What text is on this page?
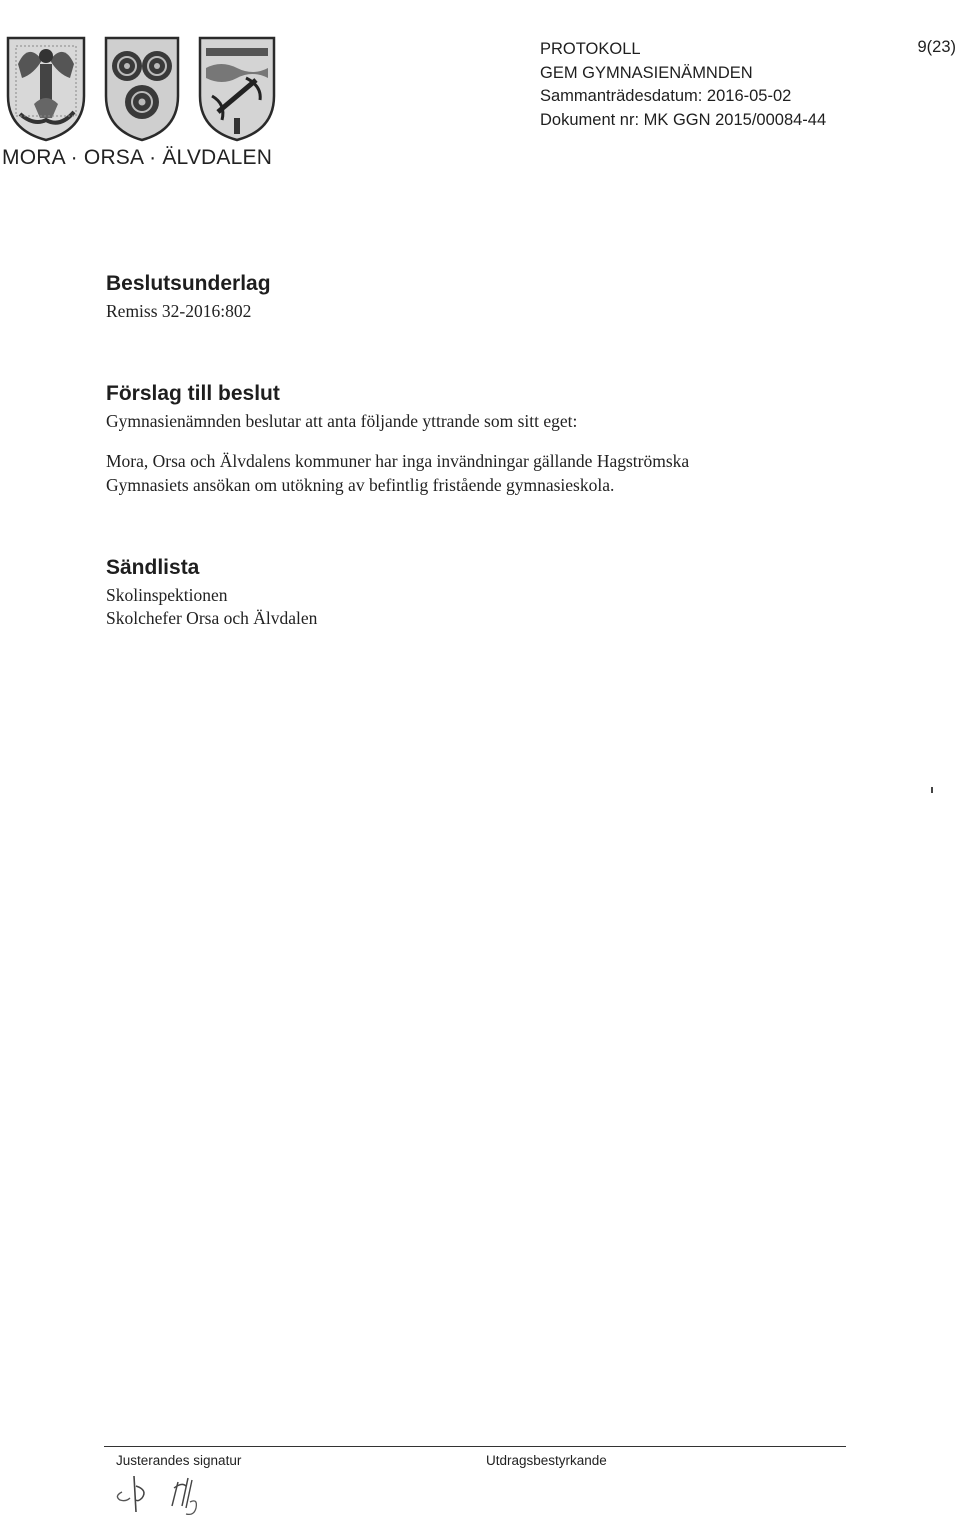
MORA · ORSA · ÄLVDALEN
PROTOKOLL
GEM GYMNASIENÄMNDEN
Sammanträdesdatum: 2016-05-02
Dokument nr: MK GGN 2015/00084-44
9(23)
Beslutsunderlag
Remiss 32-2016:802
Förslag till beslut
Gymnasienämnden beslutar att anta följande yttrande som sitt eget:
Mora, Orsa och Älvdalens kommuner har inga invändningar gällande Hagströmska
Gymnasiets ansökan om utökning av befintlig fristående gymnasieskola.
Sändlista
Skolinspektionen
Skolchefer Orsa och Älvdalen
Justerandes signatur	Utdragsbestyrkande
